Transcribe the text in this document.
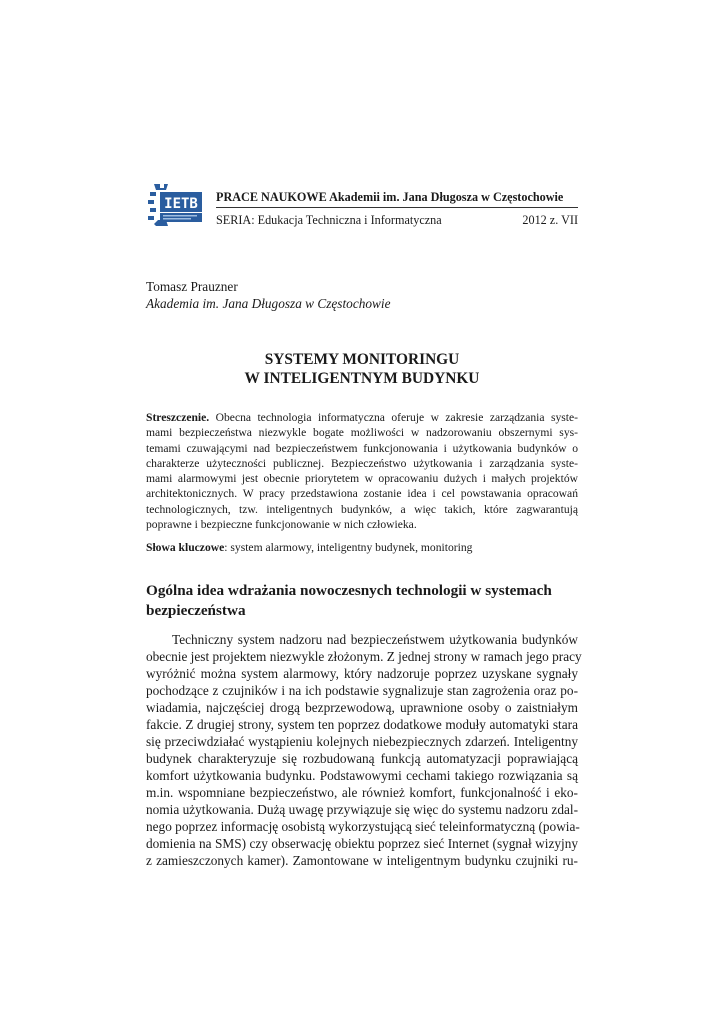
IETB PRACE NAUKOWE Akademii im. Jana Długosza w Częstochowie
SERIA: Edukacja Techniczna i Informatyczna	2012 z. VII
Tomasz Prauzner
Akademia im. Jana Długosza w Częstochowie
SYSTEMY MONITORINGU
W INTELIGENTNYM BUDYNKU
Streszczenie. Obecna technologia informatyczna oferuje w zakresie zarządzania syste-
mami bezpieczeństwa niezwykle bogate możliwości w nadzorowaniu obszernymi sys-
temami czuwającymi nad bezpieczeństwem funkcjonowania i użytkowania budynków o
charakterze użyteczności publicznej. Bezpieczeństwo użytkowania i zarządzania syste-
mami alarmowymi jest obecnie priorytetem w opracowaniu dużych i małych projektów
architektonicznych. W pracy przedstawiona zostanie idea i cel powstawania opracowań
technologicznych, tzw. inteligentnych budynków, a więc takich, które zagwarantują
poprawne i bezpieczne funkcjonowanie w nich człowieka.
Słowa kluczowe: system alarmowy, inteligentny budynek, monitoring
Ogólna idea wdrażania nowoczesnych technologii w systemach
bezpieczeństwa
Techniczny system nadzoru nad bezpieczeństwem użytkowania budynków
obecnie jest projektem niezwykle złożonym. Z jednej strony w ramach jego pracy
wyróżnić można system alarmowy, który nadzoruje poprzez uzyskane sygnały
pochodzące z czujników i na ich podstawie sygnalizuje stan zagrożenia oraz po-
wiadamia, najczęściej drogą bezprzewodową, uprawnione osoby o zaistniałym
fakcie. Z drugiej strony, system ten poprzez dodatkowe moduły automatyki stara
się przeciwdziałać wystąpieniu kolejnych niebezpiecznych zdarzeń. Inteligentny
budynek charakteryzuje się rozbudowaną funkcją automatyzacji poprawiającą
komfort użytkowania budynku. Podstawowymi cechami takiego rozwiązania są
m.in. wspomniane bezpieczeństwo, ale również komfort, funkcjonalność i eko-
nomia użytkowania. Dużą uwagę przywiązuje się więc do systemu nadzoru zdal-
nego poprzez informację osobistą wykorzystującą sieć teleinformatyczną (powia-
domienia na SMS) czy obserwację obiektu poprzez sieć Internet (sygnał wizyjny
z zamieszczonych kamer). Zamontowane w inteligentnym budynku czujniki ru-
